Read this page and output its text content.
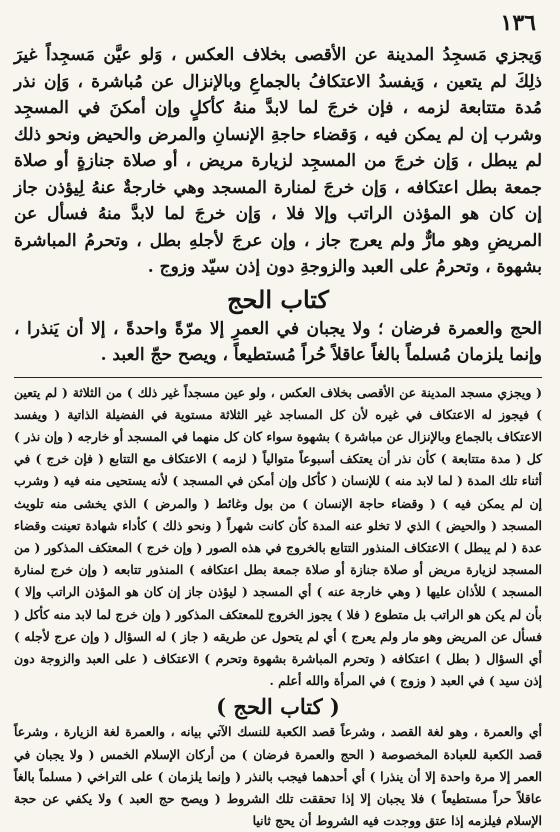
١٣٦

وَيجزي مَسجِدُ المدينة عن الأقصى بخلاف العكس ، وَلو عيَّن مَسجِداً غيرَ ذلِكَ لم يتعين ، وَيفسدُ الاعتكافُ بالجماعِ وبالإنزال عن مُباشرة ، وَإن نذر مُدة متتابعة لزمه ، فإن خرجَ لما لابدَّ منهُ كأكلٍ وإن أمكنَ في المسجِد وشرب إن لم يمكن فيه ، وَقضاء حاجةِ الإنسانِ والمرض والحيض ونحو ذلك لم يبطل ، وَإن خرجَ من المسجِد لزيارة مريض ، أو صلاة جنازةٍ أو صلاة جمعة بطل اعتكافه ، وَإن خرجَ لمنارة المسجد وهي خارجةٌ عنهُ لِيؤذن جاز إن كان هو المؤذن الراتب وإلا فلا ، وَإن خرجَ لما لابدَّ منهُ فسأل عن المريضِ وهو مارٌّ ولم يعرج جاز ، وإن عرجَ لأجلهِ بطل ، وتحرمُ المباشرة بشهوة ، وتحرمُ على العبد والزوجةِ دون إذن سيّد وزوج .

كتاب الحج

الحج والعمرة فرضان ؛ ولا يجبان في العمرِ إلا مرّةً واحدةً ، إلا أن يَنذرا ، وإنما يلزمان مُسلماً بالغاً عاقلاً حُراً مُستطيعاً ، ويصح حجّ العبد .

( ويجزي مسجد المدينة عن الأقصى بخلاف العكس ، ولو عين مسجداً غير ذلك ) من الثلاثة ( لم يتعين ) فيجوز له الاعتكاف في غيره لأن كل المساجد غير الثلاثة مستوية في الفضيلة الذاتية ( ويفسد الاعتكاف بالجماع وبالإنزال عن مباشرة ) بشهوة سواء كان كل منهما في المسجد أو خارجه ( وإن نذر ) كل ( مدة متتابعة ) كأن نذر أن يعتكف أسبوعاً متوالياً ( لزمه ) الاعتكاف مع التتابع ( فإن خرج ) في أثناء تلك المدة ( لما لابد منه ) للإنسان ( كأكل وإن أمكن في المسجد ) لأنه يستحيى منه فيه ( وشرب إن لم يمكن فيه ) ( وقضاء حاجة الإنسان ) من بول وغائط ( والمرض ) الذي يخشى منه تلويث المسجد ( والحيض ) الذي لا تخلو عنه المدة كأن كانت شهراً ( ونحو ذلك ) كأداء شهادة تعينت وقضاء عدة ( لم يبطل ) الاعتكاف المنذور التتابع بالخروج في هذه الصور ( وإن خرج ) المعتكف المذكور ( من المسجد لزيارة مريض أو صلاة جنازة أو صلاة جمعة بطل اعتكافه ) المنذور تتابعه ( وإن خرج لمنارة المسجد ) للأذان عليها ( وهي خارجة عنه ) أي المسجد ( ليؤذن جاز إن كان هو المؤذن الراتب وإلا ) بأن لم يكن هو الراتب بل متطوع ( فلا ) يجوز الخروج للمعتكف المذكور ( وإن خرج لما لابد منه كأكل ( فسأل عن المريض وهو مار ولم يعرج ) أي لم يتحول عن طريقه ( جاز ) له السؤال ( وإن عرج لأجله ) أي السؤال ( بطل ) اعتكافه ( وتحرم المباشرة بشهوة وتحرم ) الاعتكاف ( على العبد والزوجة دون إذن سيد ) في العبد ( وزوج ) في المرأة والله أعلم .

( كتاب الحج )

أي والعمرة ، وهو لغة القصد ، وشرعاً قصد الكعبة للنسك الآتي بيانه ، والعمرة لغة الزيارة ، وشرعاً قصد الكعبة للعبادة المخصوصة ( الحج والعمرة فرضان ) من أركان الإسلام الخمس ( ولا يجبان في العمر إلا مرة واحدة إلا أن ينذرا ) أي أحدهما فيجب بالنذر ( وإنما يلزمان ) على التراخي ( مسلماً بالغاً عاقلاً حراً مستطيعاً ) فلا يجبان إلا إذا تحققت تلك الشروط ( ويصح حج العبد ) ولا يكفي عن حجة الإسلام فيلزمه إذا عتق ووجدت فيه الشروط أن يحج ثانيا
